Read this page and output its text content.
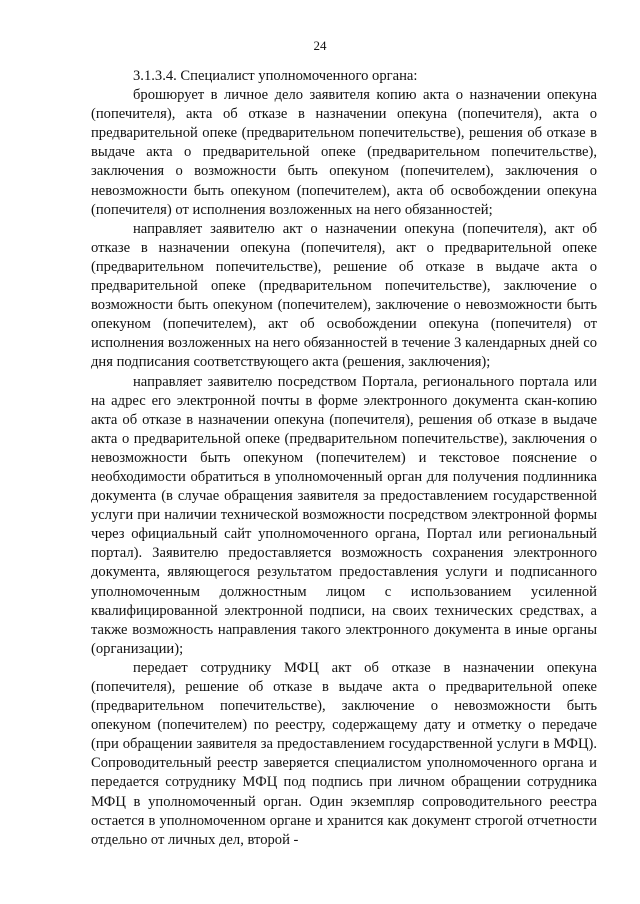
24

3.1.3.4. Специалист уполномоченного органа:

брошюрует в личное дело заявителя копию акта о назначении опекуна (попечителя), акта об отказе в назначении опекуна (попечителя), акта о предварительной опеке (предварительном попечительстве), решения об отказе в выдаче акта о предварительной опеке (предварительном попечительстве), заключения о возможности быть опекуном (попечителем), заключения о невозможности быть опекуном (попечителем), акта об освобождении опекуна (попечителя) от исполнения возложенных на него обязанностей;

направляет заявителю акт о назначении опекуна (попечителя), акт об отказе в назначении опекуна (попечителя), акт о предварительной опеке (предварительном попечительстве), решение об отказе в выдаче акта о предварительной опеке (предварительном попечительстве), заключение о возможности быть опекуном (попечителем), заключение о невозможности быть опекуном (попечителем), акт об освобождении опекуна (попечителя) от исполнения возложенных на него обязанностей в течение 3 календарных дней со дня подписания соответствующего акта (решения, заключения);

направляет заявителю посредством Портала, регионального портала или на адрес его электронной почты в форме электронного документа скан-копию акта об отказе в назначении опекуна (попечителя), решения об отказе в выдаче акта о предварительной опеке (предварительном попечительстве), заключения о невозможности быть опекуном (попечителем) и текстовое пояснение о необходимости обратиться в уполномоченный орган для получения подлинника документа (в случае обращения заявителя за предоставлением государственной услуги при наличии технической возможности посредством электронной формы через официальный сайт уполномоченного органа, Портал или региональный портал). Заявителю предоставляется возможность сохранения электронного документа, являющегося результатом предоставления услуги и подписанного уполномоченным должностным лицом с использованием усиленной квалифицированной электронной подписи, на своих технических средствах, а также возможность направления такого электронного документа в иные органы (организации);

передает сотруднику МФЦ акт об отказе в назначении опекуна (попечителя), решение об отказе в выдаче акта о предварительной опеке (предварительном попечительстве), заключение о невозможности быть опекуном (попечителем) по реестру, содержащему дату и отметку о передаче (при обращении заявителя за предоставлением государственной услуги в МФЦ). Сопроводительный реестр заверяется специалистом уполномоченного органа и передается сотруднику МФЦ под подпись при личном обращении сотрудника МФЦ в уполномоченный орган. Один экземпляр сопроводительного реестра остается в уполномоченном органе и хранится как документ строгой отчетности отдельно от личных дел, второй -
